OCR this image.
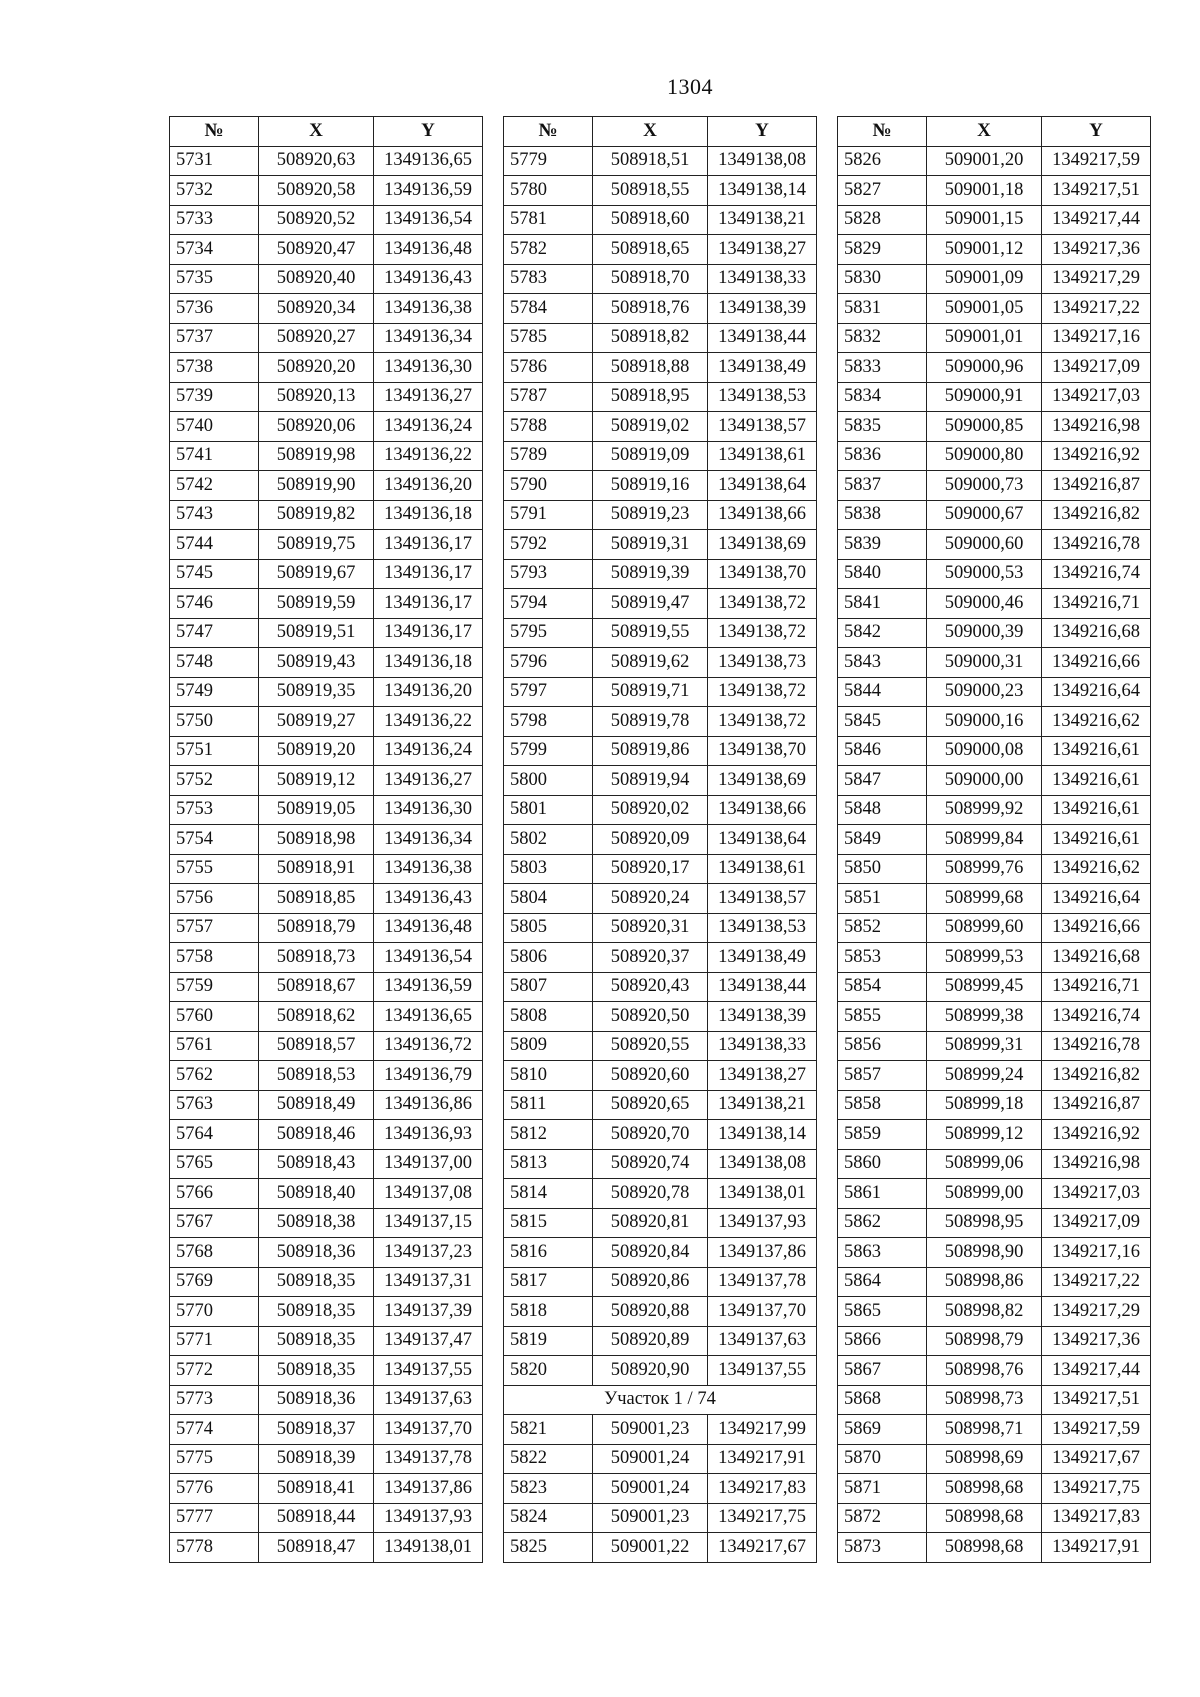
1304
№	X	Y
5731	508920,63	1349136,65
5732	508920,58	1349136,59
5733	508920,52	1349136,54
5734	508920,47	1349136,48
5735	508920,40	1349136,43
5736	508920,34	1349136,38
5737	508920,27	1349136,34
5738	508920,20	1349136,30
5739	508920,13	1349136,27
5740	508920,06	1349136,24
5741	508919,98	1349136,22
5742	508919,90	1349136,20
5743	508919,82	1349136,18
5744	508919,75	1349136,17
5745	508919,67	1349136,17
5746	508919,59	1349136,17
5747	508919,51	1349136,17
5748	508919,43	1349136,18
5749	508919,35	1349136,20
5750	508919,27	1349136,22
5751	508919,20	1349136,24
5752	508919,12	1349136,27
5753	508919,05	1349136,30
5754	508918,98	1349136,34
5755	508918,91	1349136,38
5756	508918,85	1349136,43
5757	508918,79	1349136,48
5758	508918,73	1349136,54
5759	508918,67	1349136,59
5760	508918,62	1349136,65
5761	508918,57	1349136,72
5762	508918,53	1349136,79
5763	508918,49	1349136,86
5764	508918,46	1349136,93
5765	508918,43	1349137,00
5766	508918,40	1349137,08
5767	508918,38	1349137,15
5768	508918,36	1349137,23
5769	508918,35	1349137,31
5770	508918,35	1349137,39
5771	508918,35	1349137,47
5772	508918,35	1349137,55
5773	508918,36	1349137,63
5774	508918,37	1349137,70
5775	508918,39	1349137,78
5776	508918,41	1349137,86
5777	508918,44	1349137,93
5778	508918,47	1349138,01
№	X	Y
5779	508918,51	1349138,08
5780	508918,55	1349138,14
5781	508918,60	1349138,21
5782	508918,65	1349138,27
5783	508918,70	1349138,33
5784	508918,76	1349138,39
5785	508918,82	1349138,44
5786	508918,88	1349138,49
5787	508918,95	1349138,53
5788	508919,02	1349138,57
5789	508919,09	1349138,61
5790	508919,16	1349138,64
5791	508919,23	1349138,66
5792	508919,31	1349138,69
5793	508919,39	1349138,70
5794	508919,47	1349138,72
5795	508919,55	1349138,72
5796	508919,62	1349138,73
5797	508919,71	1349138,72
5798	508919,78	1349138,72
5799	508919,86	1349138,70
5800	508919,94	1349138,69
5801	508920,02	1349138,66
5802	508920,09	1349138,64
5803	508920,17	1349138,61
5804	508920,24	1349138,57
5805	508920,31	1349138,53
5806	508920,37	1349138,49
5807	508920,43	1349138,44
5808	508920,50	1349138,39
5809	508920,55	1349138,33
5810	508920,60	1349138,27
5811	508920,65	1349138,21
5812	508920,70	1349138,14
5813	508920,74	1349138,08
5814	508920,78	1349138,01
5815	508920,81	1349137,93
5816	508920,84	1349137,86
5817	508920,86	1349137,78
5818	508920,88	1349137,70
5819	508920,89	1349137,63
5820	508920,90	1349137,55
Участок 1 / 74		
5821	509001,23	1349217,99
5822	509001,24	1349217,91
5823	509001,24	1349217,83
5824	509001,23	1349217,75
5825	509001,22	1349217,67
№	X	Y
5826	509001,20	1349217,59
5827	509001,18	1349217,51
5828	509001,15	1349217,44
5829	509001,12	1349217,36
5830	509001,09	1349217,29
5831	509001,05	1349217,22
5832	509001,01	1349217,16
5833	509000,96	1349217,09
5834	509000,91	1349217,03
5835	509000,85	1349216,98
5836	509000,80	1349216,92
5837	509000,73	1349216,87
5838	509000,67	1349216,82
5839	509000,60	1349216,78
5840	509000,53	1349216,74
5841	509000,46	1349216,71
5842	509000,39	1349216,68
5843	509000,31	1349216,66
5844	509000,23	1349216,64
5845	509000,16	1349216,62
5846	509000,08	1349216,61
5847	509000,00	1349216,61
5848	508999,92	1349216,61
5849	508999,84	1349216,61
5850	508999,76	1349216,62
5851	508999,68	1349216,64
5852	508999,60	1349216,66
5853	508999,53	1349216,68
5854	508999,45	1349216,71
5855	508999,38	1349216,74
5856	508999,31	1349216,78
5857	508999,24	1349216,82
5858	508999,18	1349216,87
5859	508999,12	1349216,92
5860	508999,06	1349216,98
5861	508999,00	1349217,03
5862	508998,95	1349217,09
5863	508998,90	1349217,16
5864	508998,86	1349217,22
5865	508998,82	1349217,29
5866	508998,79	1349217,36
5867	508998,76	1349217,44
5868	508998,73	1349217,51
5869	508998,71	1349217,59
5870	508998,69	1349217,67
5871	508998,68	1349217,75
5872	508998,68	1349217,83
5873	508998,68	1349217,91
